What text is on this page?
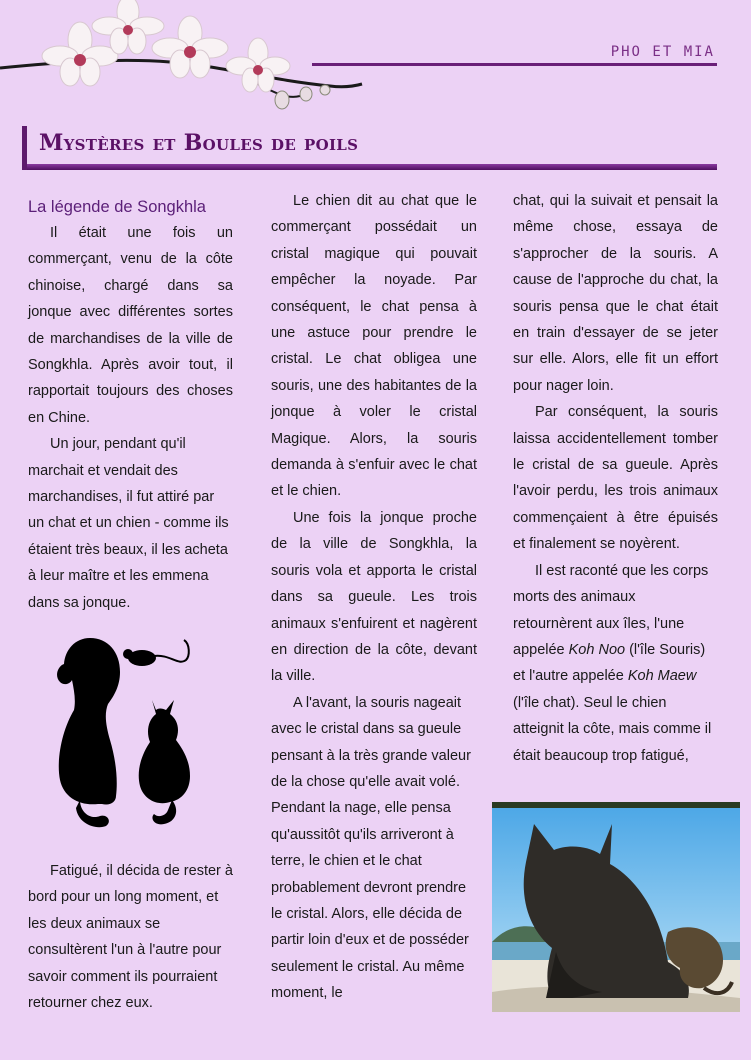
PHO ET MIA
Mystères et Boules de poils

La légende de Songkhla

Il était une fois un commerçant, venu de la côte chinoise, chargé dans sa jonque avec différentes sortes de marchandises de la ville de Songkhla. Après avoir tout, il rapportait toujours des choses en Chine.

Un jour, pendant qu'il marchait et vendait des marchandises, il fut attiré par un chat et un chien - comme ils étaient très beaux, il les acheta à leur maître et les emmena dans sa jonque.

Fatigué, il décida de rester à bord pour un long moment, et les deux animaux se consultèrent l'un à l'autre pour savoir comment ils pourraient retourner chez eux.

Le chien dit au chat que le commerçant possédait un cristal magique qui pouvait empêcher la noyade. Par conséquent, le chat pensa à une astuce pour prendre le cristal. Le chat obligea une souris, une des habitantes de la jonque à voler le cristal Magique. Alors, la souris demanda à s'enfuir avec le chat et le chien.

Une fois la jonque proche de la ville de Songkhla, la souris vola et apporta le cristal dans sa gueule. Les trois animaux s'enfuirent et nagèrent en direction de la côte, devant la ville.

A l'avant, la souris nageait avec le cristal dans sa gueule pensant à la très grande valeur de la chose qu'elle avait volé. Pendant la nage, elle pensa qu'aussitôt qu'ils arriveront à terre, le chien et le chat probablement devront prendre le cristal. Alors, elle décida de partir loin d'eux et de posséder seulement le cristal. Au même moment, le

chat, qui la suivait et pensait la même chose, essaya de s'approcher de la souris. A cause de l'approche du chat, la souris pensa que le chat était en train d'essayer de se jeter sur elle. Alors, elle fit un effort pour nager loin.

Par conséquent, la souris laissa accidentellement tomber le cristal de sa gueule. Après l'avoir perdu, les trois animaux commençaient à être épuisés et finalement se noyèrent.

Il est raconté que les corps morts des animaux retournèrent aux îles, l'une appelée Koh Noo (l'île Souris) et l'autre appelée Koh Maew (l'île chat). Seul le chien atteignit la côte, mais comme il était beaucoup trop fatigué,
